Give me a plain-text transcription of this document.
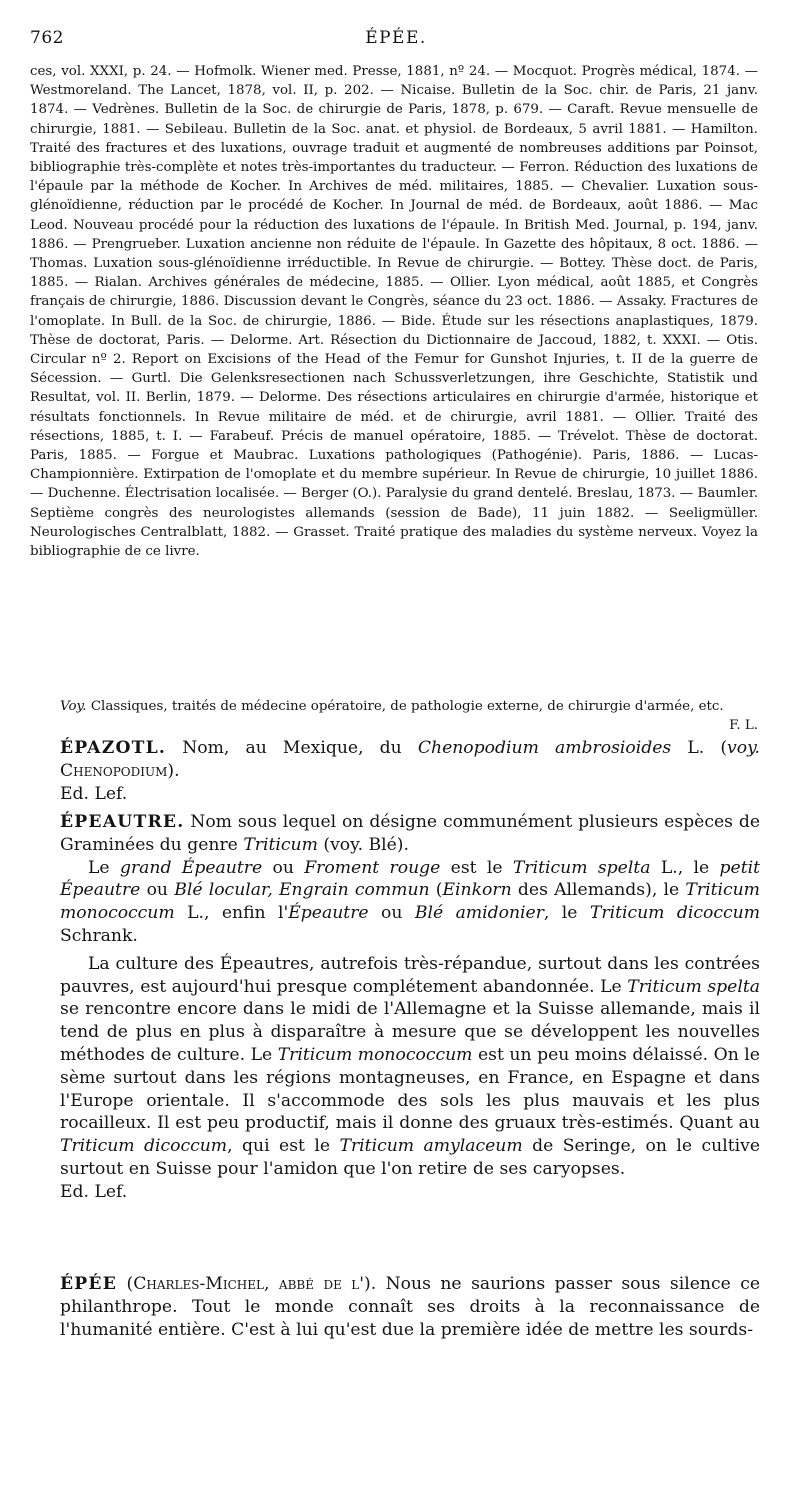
762	ÉPÉE.

ces, vol. XXXI, p. 24. — Hofmolk. Wiener med. Presse, 1881, nº 24. — Mocquot. Progrès médical, 1874. — Westmoreland. The Lancet, 1878, vol. II, p. 202. — Nicaise. Bulletin de la Soc. chir. de Paris, 21 janv. 1874. — Vedrènes. Bulletin de la Soc. de chirurgie de Paris, 1878, p. 679. — Caraft. Revue mensuelle de chirurgie, 1881. — Sebileau. Bulletin de la Soc. anat. et physiol. de Bordeaux, 5 avril 1881. — Hamilton. Traité des fractures et des luxations, ouvrage traduit et augmenté de nombreuses additions par Poinsot, bibliographie très-complète et notes très-importantes du traducteur. — Ferron. Réduction des luxations de l'épaule par la méthode de Kocher. In Archives de méd. militaires, 1885. — Chevalier. Luxation sous-glénoïdienne, réduction par le procédé de Kocher. In Journal de méd. de Bordeaux, août 1886. — Mac Leod. Nouveau procédé pour la réduction des luxations de l'épaule. In British Med. Journal, p. 194, janv. 1886. — Prengrueber. Luxation ancienne non réduite de l'épaule. In Gazette des hôpitaux, 8 oct. 1886. — Thomas. Luxation sous-glénoïdienne irréductible. In Revue de chirurgie. — Bottey. Thèse doct. de Paris, 1885. — Rialan. Archives générales de médecine, 1885. — Ollier. Lyon médical, août 1885, et Congrès français de chirurgie, 1886. Discussion devant le Congrès, séance du 23 oct. 1886. — Assaky. Fractures de l'omoplate. In Bull. de la Soc. de chirurgie, 1886. — Bide. Étude sur les résections anaplastiques, 1879. Thèse de doctorat, Paris. — Delorme. Art. Résection du Dictionnaire de Jaccoud, 1882, t. XXXI. — Otis. Circular nº 2. Report on Excisions of the Head of the Femur for Gunshot Injuries, t. II de la guerre de Sécession. — Gurtl. Die Gelenksresectionen nach Schussverletzungen, ihre Geschichte, Statistik und Resultat, vol. II. Berlin, 1879. — Delorme. Des résections articulaires en chirurgie d'armée, historique et résultats fonctionnels. In Revue militaire de méd. et de chirurgie, avril 1881. — Ollier. Traité des résections, 1885, t. I. — Farabeuf. Précis de manuel opératoire, 1885. — Trévelot. Thèse de doctorat. Paris, 1885. — Forgue et Maubrac. Luxations pathologiques (Pathogénie). Paris, 1886. — Lucas-Championnière. Extirpation de l'omoplate et du membre supérieur. In Revue de chirurgie, 10 juillet 1886. — Duchenne. Électrisation localisée. — Berger (O.). Paralysie du grand dentelé. Breslau, 1873. — Baumler. Septième congrès des neurologistes allemands (session de Bade), 11 juin 1882. — Seeligmüller. Neurologisches Centralblatt, 1882. — Grasset. Traité pratique des maladies du système nerveux. Voyez la bibliographie de ce livre.

Voy. Classiques, traités de médecine opératoire, de pathologie externe, de chirurgie d'armée, etc.
F. L.

ÉPAZOTL. Nom, au Mexique, du Chenopodium ambrosioides L. (voy. Chenopodium).

Ed. Lef.

ÉPEAUTRE. Nom sous lequel on désigne communément plusieurs espèces de Graminées du genre Triticum (voy. Blé).

Le grand Épeautre ou Froment rouge est le Triticum spelta L., le petit Épeautre ou Blé locular, Engrain commun (Einkorn des Allemands), le Triticum monococcum L., enfin l'Épeautre ou Blé amidonier, le Triticum dicoccum Schrank.

La culture des Épeautres, autrefois très-répandue, surtout dans les contrées pauvres, est aujourd'hui presque complétement abandonnée. Le Triticum spelta se rencontre encore dans le midi de l'Allemagne et la Suisse allemande, mais il tend de plus en plus à disparaître à mesure que se développent les nouvelles méthodes de culture. Le Triticum monococcum est un peu moins délaissé. On le sème surtout dans les régions montagneuses, en France, en Espagne et dans l'Europe orientale. Il s'accommode des sols les plus mauvais et les plus rocailleux. Il est peu productif, mais il donne des gruaux très-estimés. Quant au Triticum dicoccum, qui est le Triticum amylaceum de Seringe, on le cultive surtout en Suisse pour l'amidon que l'on retire de ses caryopses.

Ed. Lef.

ÉPÉE (Charles-Michel, abbé de l'). Nous ne saurions passer sous silence ce philanthrope. Tout le monde connaît ses droits à la reconnaissance de l'humanité entière. C'est à lui qu'est due la première idée de mettre les sourds-
